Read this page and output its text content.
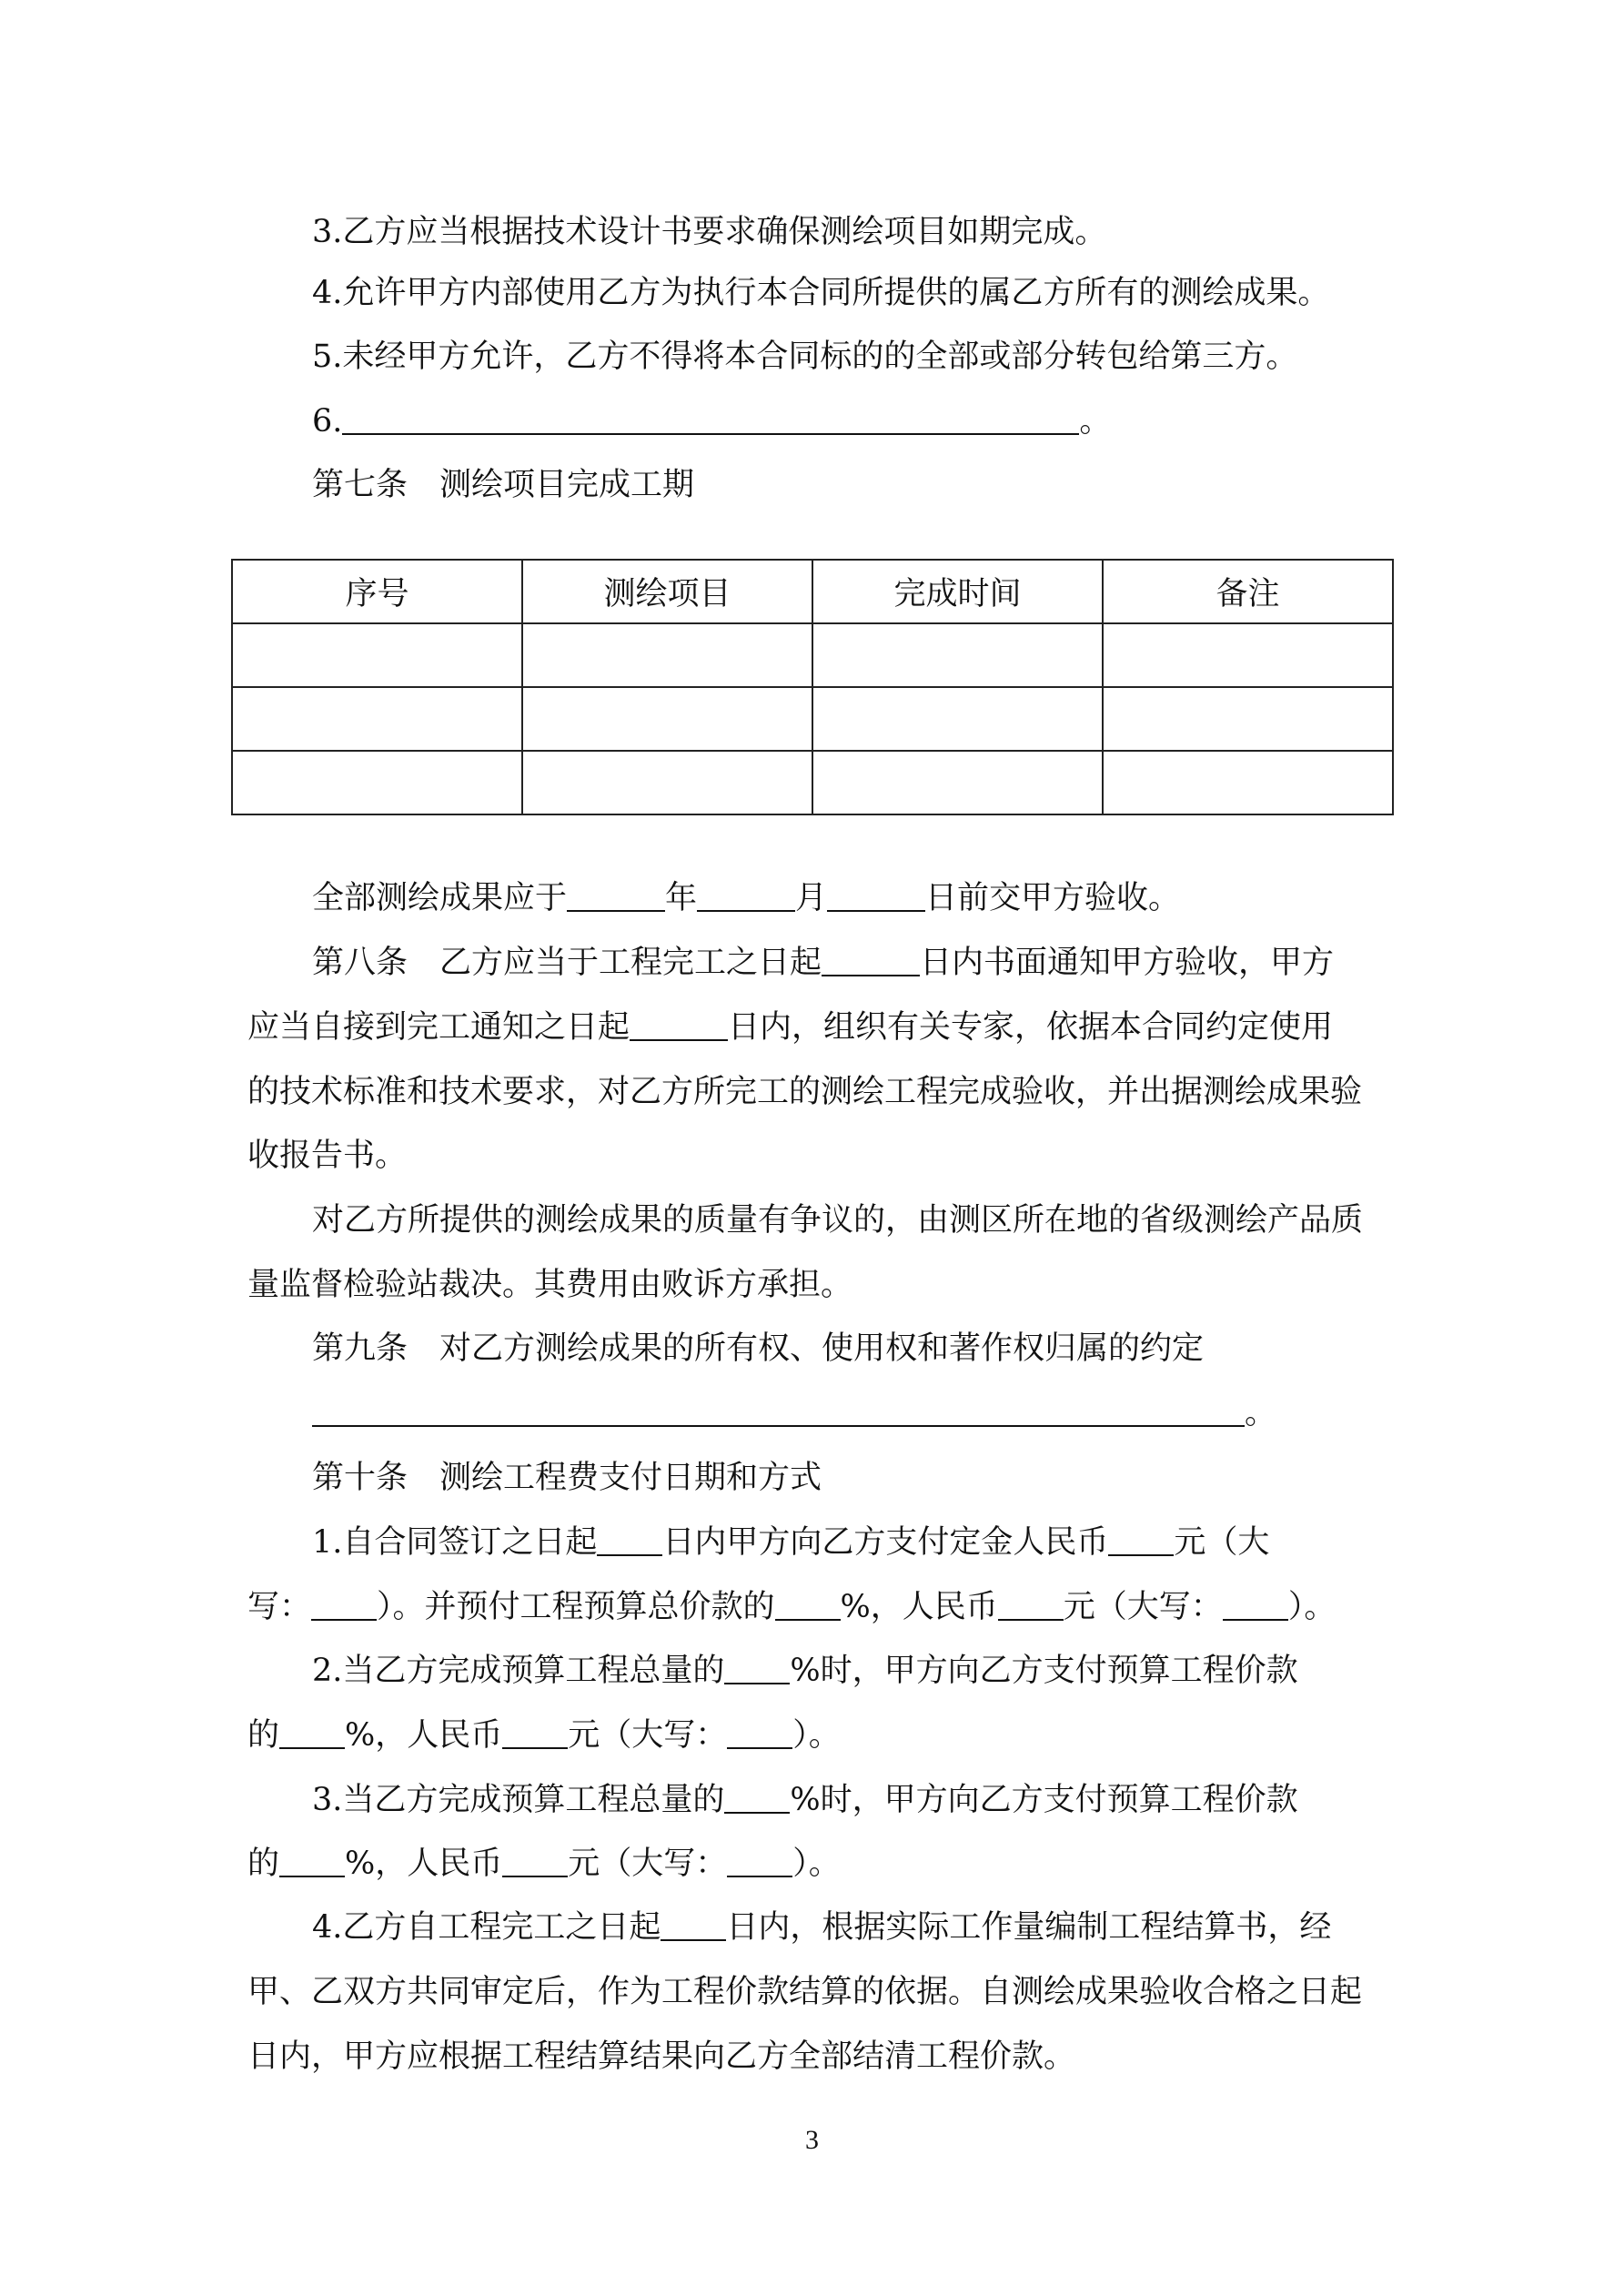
3.乙方应当根据技术设计书要求确保测绘项目如期完成。
4.允许甲方内部使用乙方为执行本合同所提供的属乙方所有的测绘成果。
5.未经甲方允许，乙方不得将本合同标的的全部或部分转包给第三方。
6.	。
第七条 测绘项目完成工期
序号	测绘项目	完成时间	备注

全部测绘成果应于	年	月	日前交甲方验收。
第八条 乙方应当于工程完工之日起	日内书面通知甲方验收，甲方
应当自接到完工通知之日起	日内，组织有关专家，依据本合同约定使用
的技术标准和技术要求，对乙方所完工的测绘工程完成验收，并出据测绘成果验
收报告书。
对乙方所提供的测绘成果的质量有争议的，由测区所在地的省级测绘产品质
量监督检验站裁决。其费用由败诉方承担。
第九条 对乙方测绘成果的所有权、使用权和著作权归属的约定
。
第十条 测绘工程费支付日期和方式
1.自合同签订之日起 日内甲方向乙方支付定金人民币 元（大
写： ）。并预付工程预算总价款的 %，人民币 元（大写： ）。
2.当乙方完成预算工程总量的 %时，甲方向乙方支付预算工程价款
的 %，人民币 元（大写： ）。
3.当乙方完成预算工程总量的 %时，甲方向乙方支付预算工程价款
的 %，人民币 元（大写： ）。
4.乙方自工程完工之日起 日内，根据实际工作量编制工程结算书，经
甲、乙双方共同审定后，作为工程价款结算的依据。自测绘成果验收合格之日起
日内，甲方应根据工程结算结果向乙方全部结清工程价款。
3
